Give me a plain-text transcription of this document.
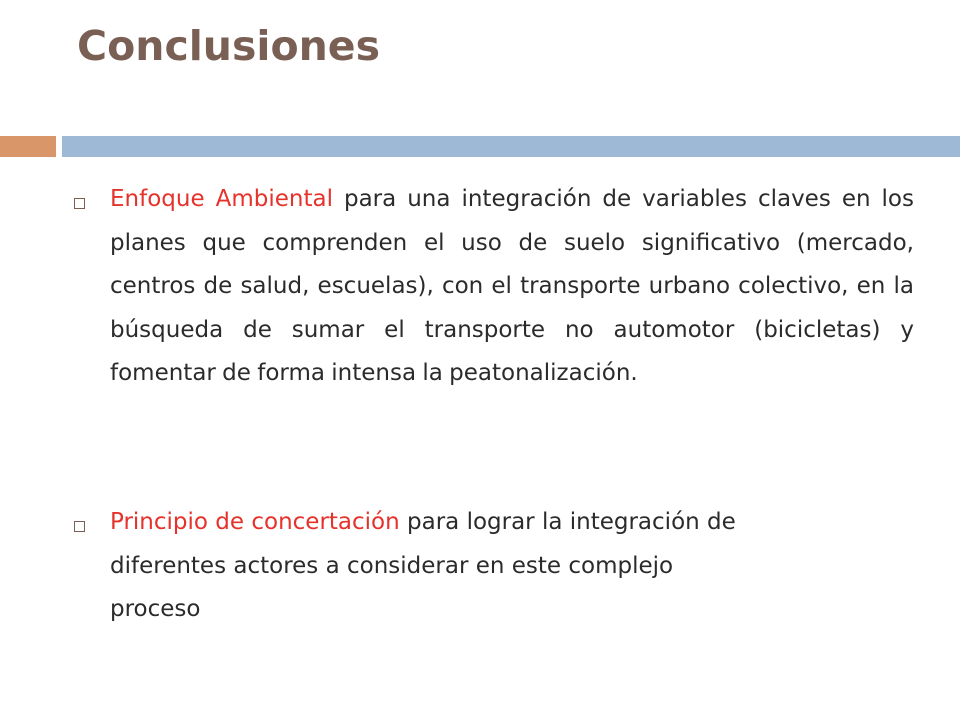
Conclusiones

Enfoque Ambiental para una integración de variables claves en los planes que comprenden el uso de suelo significativo (mercado, centros de salud, escuelas), con el transporte urbano colectivo, en la búsqueda de sumar el transporte no automotor (bicicletas) y fomentar de forma intensa la peatonalización.

Principio de concertación para lograr la integración de diferentes actores a considerar en este complejo proceso
